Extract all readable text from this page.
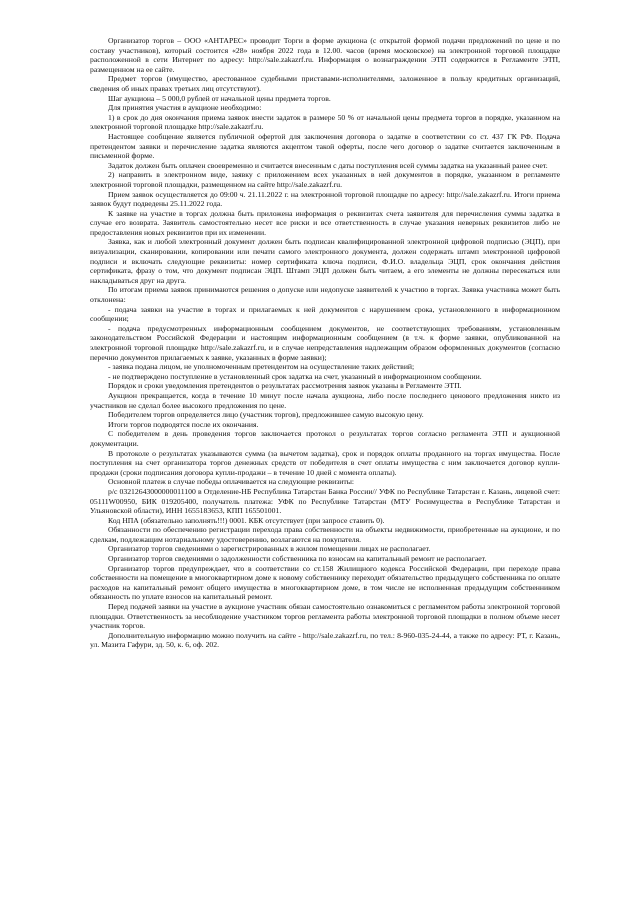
Организатор торгов – ООО «АНТАРЕС» проводит Торги в форме аукциона (с открытой формой подачи предложений по цене и по составу участников), который состоится «28» ноября 2022 года в 12.00. часов (время московское) на электронной торговой площадке расположенной в сети Интернет по адресу: http://sale.zakazrf.ru. Информация о вознаграждении ЭТП содержится в Регламенте ЭТП, размещенном на ее сайте.

Предмет торгов (имущество, арестованное судебными приставами-исполнителями, заложенное в пользу кредитных организаций, сведения об иных правах третьих лиц отсутствуют).

Шаг аукциона – 5 000,0 рублей от начальной цены предмета торгов.

Для принятия участия в аукционе необходимо:

1) в срок до дня окончания приема заявок внести задаток в размере 50 % от начальной цены предмета торгов в порядке, указанном на электронной торговой площадке http://sale.zakazrf.ru.

Настоящее сообщение является публичной офертой для заключения договора о задатке в соответствии со ст. 437 ГК РФ. Подача претендентом заявки и перечисление задатка являются акцептом такой оферты, после чего договор о задатке считается заключенным в письменной форме.

Задаток должен быть оплачен своевременно и считается внесенным с даты поступления всей суммы задатка на указанный ранее счет.

2) направить в электронном виде, заявку с приложением всех указанных в ней документов в порядке, указанном в регламенте электронной торговой площадки, размещенном на сайте http://sale.zakazrf.ru.

Прием заявок осуществляется до 09:00 ч. 21.11.2022 г. на электронной торговой площадке по адресу: http://sale.zakazrf.ru. Итоги приема заявок будут подведены 25.11.2022 года.

К заявке на участие в торгах должна быть приложена информация о реквизитах счета заявителя для перечисления суммы задатка в случае его возврата. Заявитель самостоятельно несет все риски и все ответственность в случае указания неверных реквизитов либо не предоставления новых реквизитов при их изменении.

Заявка, как и любой электронный документ должен быть подписан квалифицированной электронной цифровой подписью (ЭЦП), при визуализации, сканировании, копировании или печати самого электронного документа, должен содержать штамп электронной цифровой подписи и включать следующие реквизиты: номер сертификата ключа подписи, Ф.И.О. владельца ЭЦП, срок окончания действия сертификата, фразу о том, что документ подписан ЭЦП. Штамп ЭЦП должен быть читаем, а его элементы не должны пересекаться или накладываться друг на друга.

По итогам приема заявок принимаются решения о допуске или недопуске заявителей к участию в торгах. Заявка участника может быть отклонена:

- подача заявки на участие в торгах и прилагаемых к ней документов с нарушением срока, установленного в информационном сообщении;

- подача предусмотренных информационным сообщением документов, не соответствующих требованиям, установленным законодательством Российской Федерации и настоящим информационным сообщением (в т.ч. к форме заявки, опубликованной на электронной торговой площадке http://sale.zakazrf.ru, и в случае непредставления надлежащим образом оформленных документов (согласно перечню документов прилагаемых к заявке, указанных в форме заявки);

- заявка подана лицом, не уполномоченным претендентом на осуществление таких действий;

- не подтверждено поступление в установленный срок задатка на счет, указанный в информационном сообщении.

Порядок и сроки уведомления претендентов о результатах рассмотрения заявок указаны в Регламенте ЭТП.

Аукцион прекращается, когда в течение 10 минут после начала аукциона, либо после последнего ценового предложения никто из участников не сделал более высокого предложения по цене.

Победителем торгов определяется лицо (участник торгов), предложившее самую высокую цену.

Итоги торгов подводятся после их окончания.

С победителем в день проведения торгов заключается протокол о результатах торгов согласно регламента ЭТП и аукционной документации.

В протоколе о результатах указываются сумма (за вычетом задатка), срок и порядок оплаты проданного на торгах имущества. После поступления на счет организатора торгов денежных средств от победителя в счет оплаты имущества с ним заключается договор купли-продажи (сроки подписания договора купли-продажи – в течение 10 дней с момента оплаты).

Основной платеж в случае победы оплачивается на следующие реквизиты:

р/с 03212643000000011100 в Отделение-НБ Республика Татарстан Банка России// УФК по Республике Татарстан г. Казань, лицевой счет: 05111W00950, БИК 019205400, получатель платежа: УФК по Республике Татарстан (МТУ Росимущества в Республике Татарстан и Ульяновской области), ИНН 1655183653, КПП 165501001.

Код НПА (обязательно заполнять!!!) 0001. КБК отсутствует (при запросе ставить 0).

Обязанности по обеспечению регистрации перехода права собственности на объекты недвижимости, приобретенные на аукционе, и по сделкам, подлежащим нотариальному удостоверению, возлагаются на покупателя.

Организатор торгов сведениями о зарегистрированных в жилом помещении лицах не располагает.

Организатор торгов сведениями о задолженности собственника по взносам на капитальный ремонт не располагает.

Организатор торгов предупреждает, что в соответствии со ст.158 Жилищного кодекса Российской Федерации, при переходе права собственности на помещение в многоквартирном доме к новому собственнику переходит обязательство предыдущего собственника по оплате расходов на капитальный ремонт общего имущества в многоквартирном доме, в том числе не исполненная предыдущим собственником обязанность по уплате взносов на капитальный ремонт.

Перед подачей заявки на участие в аукционе участник обязан самостоятельно ознакомиться с регламентом работы электронной торговой площадки. Ответственность за несоблюдение участником торгов регламента работы электронной торговой площадки в полном объеме несет участник торгов.

Дополнительную информацию можно получить на сайте - http://sale.zakazrf.ru, по тел.: 8-960-035-24-44, а также по адресу: РТ, г. Казань, ул. Мазита Гафури, зд. 50, к. 6, оф. 202.
